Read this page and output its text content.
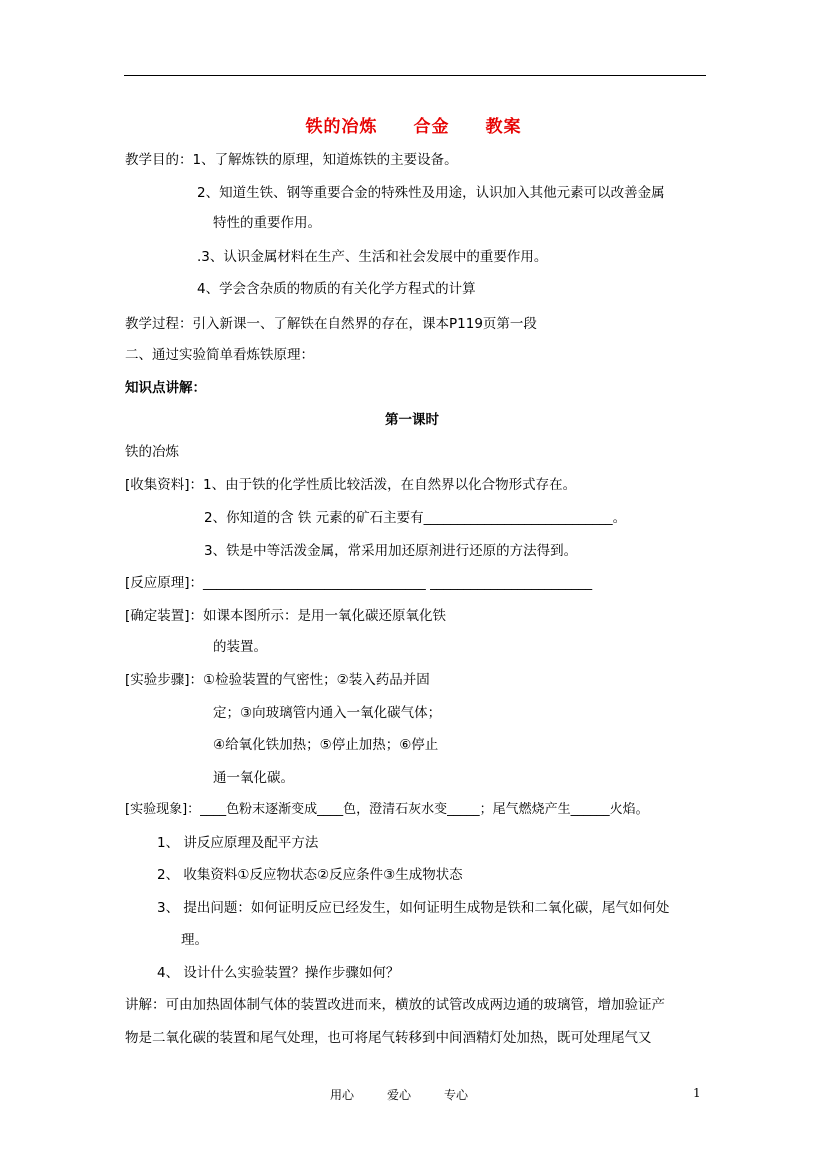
铁的冶炼 合金 教案
教学目的：1、了解炼铁的原理，知道炼铁的主要设备。
2、知道生铁、钢等重要合金的特殊性及用途，认识加入其他元素可以改善金属
特性的重要作用。
.3、认识金属材料在生产、生活和社会发展中的重要作用。
4、学会含杂质的物质的有关化学方程式的计算
教学过程：引入新课一、了解铁在自然界的存在，课本P119页第一段
二、通过实验简单看炼铁原理：
知识点讲解：
第一课时
铁的冶炼
[收集资料]：1、由于铁的化学性质比较活泼，在自然界以化合物形式存在。
2、你知道的含 铁 元素的矿石主要有____________________________。
3、铁是中等活泼金属，常采用加还原剂进行还原的方法得到。
[反应原理]：_________________________________ ________________________
[确定装置]：如课本图所示：是用一氧化碳还原氧化铁
的装置。
[实验步骤]：①检验装置的气密性；②装入药品并固
定；③向玻璃管内通入一氧化碳气体；
④给氧化铁加热；⑤停止加热；⑥停止
通一氧化碳。
[实验现象]：____色粉末逐渐变成____色，澄清石灰水变_____；尾气燃烧产生______火焰。
1、 讲反应原理及配平方法
2、 收集资料①反应物状态②反应条件③生成物状态
3、 提出问题：如何证明反应已经发生，如何证明生成物是铁和二氧化碳，尾气如何处
理。
4、 设计什么实验装置？操作步骤如何？
讲解：可由加热固体制气体的装置改进而来，横放的试管改成两边通的玻璃管，增加验证产
物是二氧化碳的装置和尾气处理，也可将尾气转移到中间酒精灯处加热，既可处理尾气又
用心	爱心	专心	1
